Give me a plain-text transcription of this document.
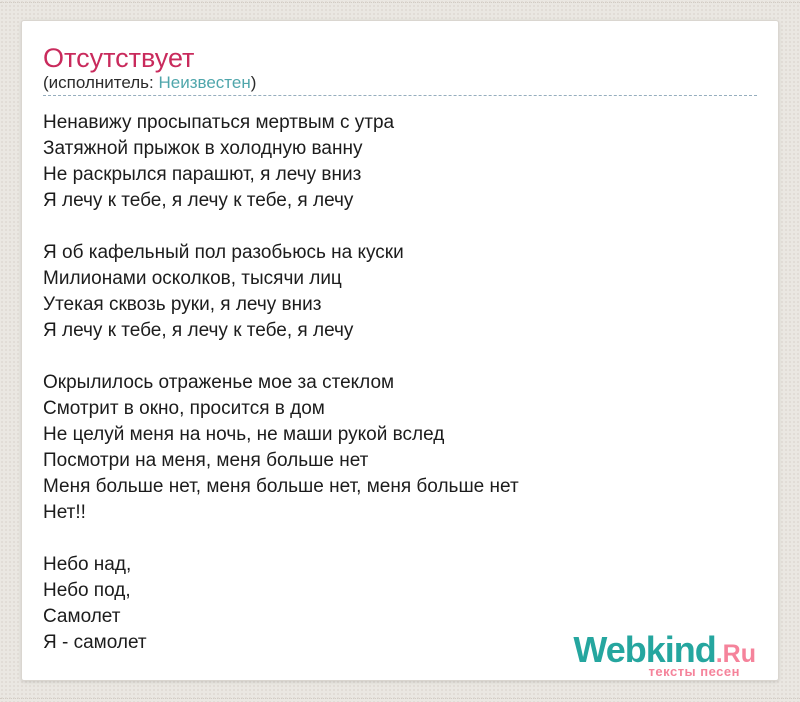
Отсутствует
(исполнитель: Неизвестен)

Ненавижу просыпаться мертвым с утра
Затяжной прыжок в холодную ванну
Не раскрылся парашют, я лечу вниз
Я лечу к тебе, я лечу к тебе, я лечу

Я об кафельный пол разобьюсь на куски
Милионами осколков, тысячи лиц
Утекая сквозь руки, я лечу вниз
Я лечу к тебе, я лечу к тебе, я лечу

Окрылилось отраженье мое за стеклом
Смотрит в окно, просится в дом
Не целуй меня на ночь, не маши рукой вслед
Посмотри на меня, меня больше нет
Меня больше нет, меня больше нет, меня больше нет
Нет!!

Небо над,
Небо под,
Самолет
Я - самолет	Webkind.Ru
тексты песен
